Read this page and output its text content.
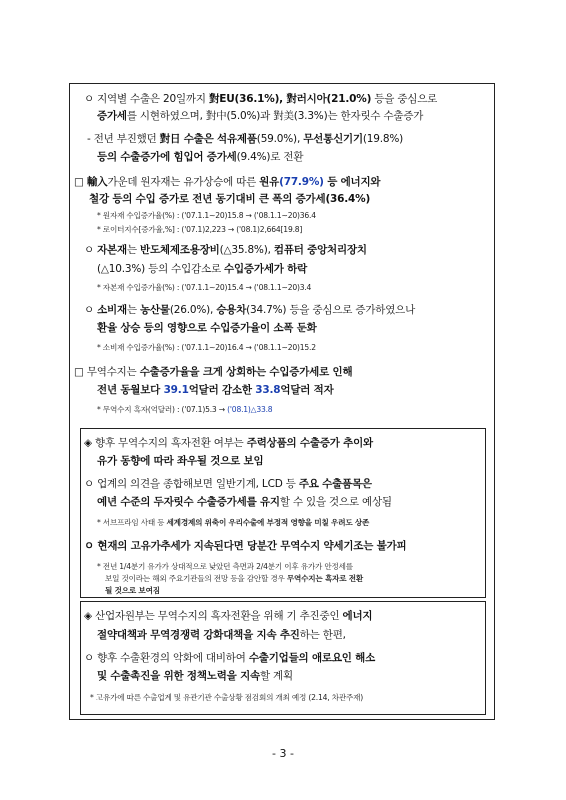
ㅇ 지역별 수출은 20일까지 對EU(36.1%), 對러시아(21.0%) 등을 중심으로
증가세를 시현하였으며, 對中(5.0%)과 對美(3.3%)는 한자릿수 수출증가
- 전년 부진했던 對日 수출은 석유제품(59.0%), 무선통신기기(19.8%)
등의 수출증가에 힘입어 증가세(9.4%)로 전환
□ 輸入가운데 원자재는 유가상승에 따른 원유(77.9%) 등 에너지와
철강 등의 수입 증가로 전년 동기대비 큰 폭의 증가세(36.4%)
* 원자재 수입증가율(%) : ('07.1.1~20)15.8 → ('08.1.1~20)36.4
* 로이터지수[증가율,%] : ('07.1)2,223 → ('08.1)2,664[19.8]
ㅇ 자본재는 반도체제조용장비(△35.8%), 컴퓨터 중앙처리장치
(△10.3%) 등의 수입감소로 수입증가세가 하락
* 자본재 수입증가율(%) : ('07.1.1~20)15.4 → ('08.1.1~20)3.4
ㅇ 소비재는 농산물(26.0%), 승용차(34.7%) 등을 중심으로 증가하였으나
환율 상승 등의 영향으로 수입증가율이 소폭 둔화
* 소비재 수입증가율(%) : ('07.1.1~20)16.4 → ('08.1.1~20)15.2
□ 무역수지는 수출증가율을 크게 상회하는 수입증가세로 인해
전년 동월보다 39.1억달러 감소한 33.8억달러 적자
* 무역수지 흑자(억달러) : ('07.1)5.3 → ('08.1)△33.8
◈ 향후 무역수지의 흑자전환 여부는 주력상품의 수출증가 추이와
유가 동향에 따라 좌우될 것으로 보임
ㅇ 업계의 의견을 종합해보면 일반기계, LCD 등 주요 수출품목은
예년 수준의 두자릿수 수출증가세를 유지할 수 있을 것으로 예상됨
* 서브프라임 사태 등 세계경제의 위축이 우리수출에 부정적 영향을 미칠 우려도 상존
ㅇ 현재의 고유가추세가 지속된다면 당분간 무역수지 약세기조는 불가피
* 전년 1/4분기 유가가 상대적으로 낮았던 측면과 2/4분기 이후 유가가 안정세를
보일 것이라는 해외 주요기관들의 전망 등을 감안할 경우 무역수지는 흑자로 전환
될 것으로 보여짐
◈ 산업자원부는 무역수지의 흑자전환을 위해 기 추진중인 에너지
절약대책과 무역경쟁력 강화대책을 지속 추진하는 한편,
ㅇ 향후 수출환경의 악화에 대비하여 수출기업들의 애로요인 해소
및 수출촉진을 위한 정책노력을 지속할 계획
* 고유가에 따른 수출업계 및 유관기관 수출상황 점검회의 개최 예정 (2.14, 차관주재)
- 3 -
